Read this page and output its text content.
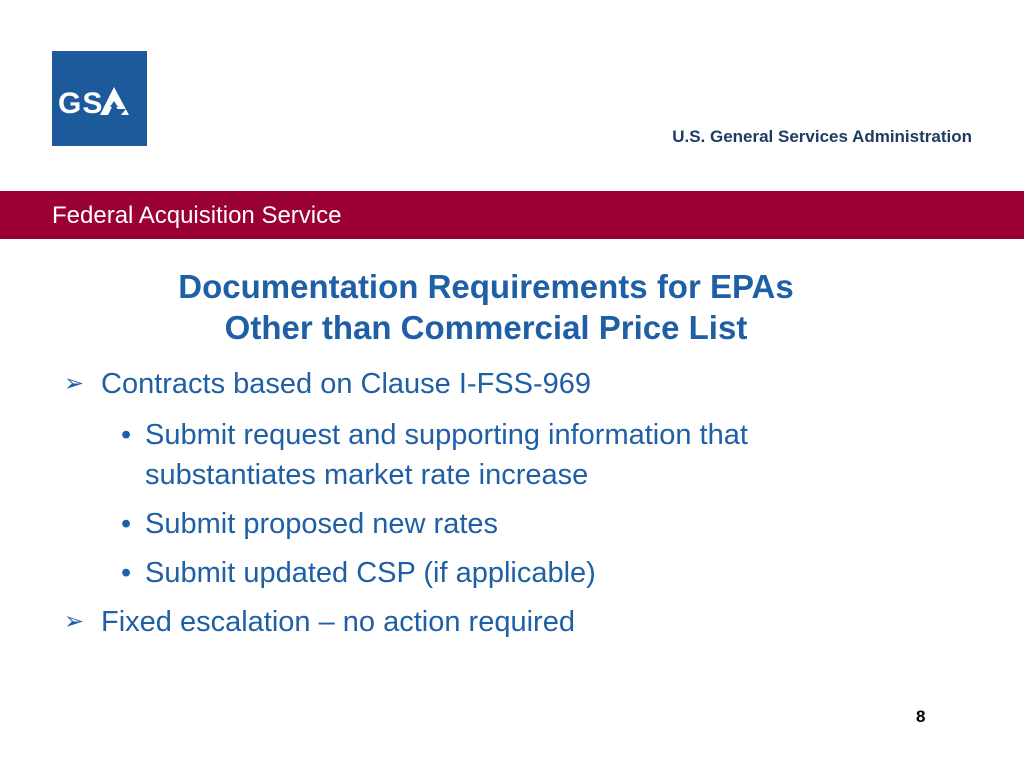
GS
U.S. General Services Administration
Federal Acquisition Service
Documentation Requirements for EPAs
Other than Commercial Price List
➢ Contracts based on Clause I-FSS-969
• Submit request and supporting information that
substantiates market rate increase
• Submit proposed new rates
• Submit updated CSP (if applicable)
➢ Fixed escalation – no action required
8
